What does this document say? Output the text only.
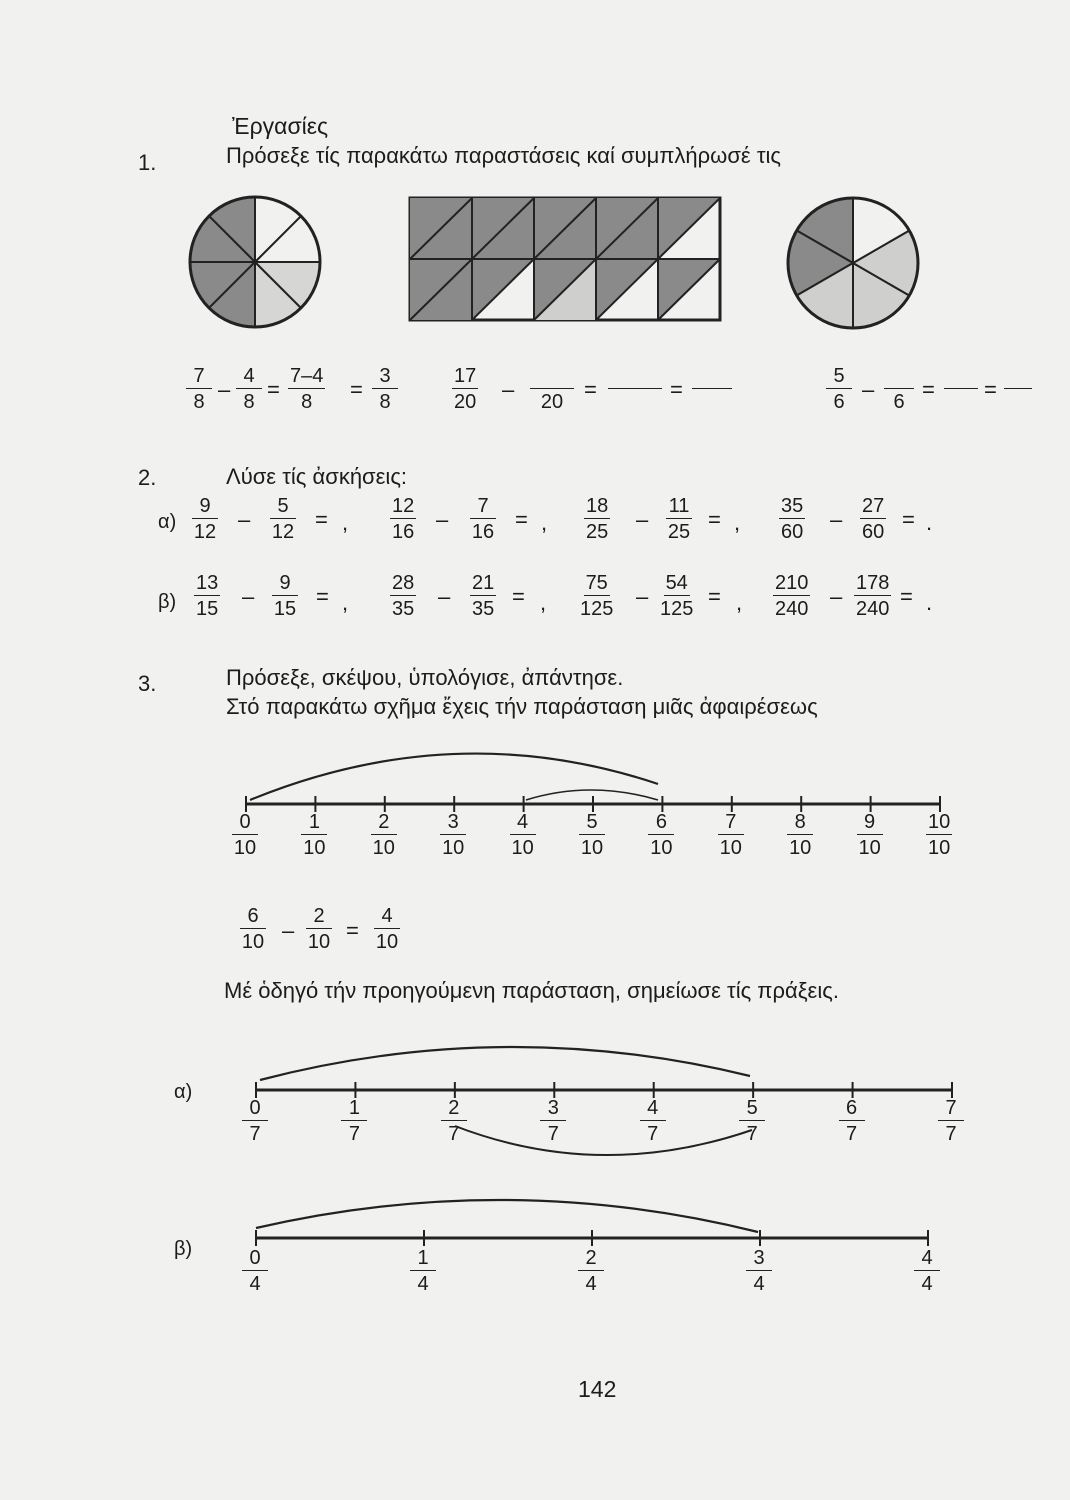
Ἐργασίες
1.	Πρόσεξε τίς παρακάτω παραστάσεις καί συμπλήρωσέ τις
$\frac{7}{8} - \frac{4}{8} = \frac{7-4}{8} = \frac{3}{8}$	$\frac{17}{20}$ –
20 =

	=

	$\frac{5}{6}$ –
6 =

=

2.	Λύσε τίς ἀσκήσεις:
$\alpha) \frac{9}{12} - \frac{5}{12}$ = , $\frac{12}{16} - \frac{7}{16}$ = , $\frac{18}{25} - \frac{11}{25}$ = , $\frac{35}{60} - \frac{27}{60}$ = .
$\beta) \frac{13}{15} - \frac{9}{15}$ = , $\frac{28}{35} - \frac{21}{35}$ = , $\frac{75}{125} - \frac{54}{125}$ = , $\frac{210}{240} - \frac{178}{240}$ = .
3.	Πρόσεξε, σκέψου, ὑπολόγισε, ἀπάντησε.
Στό παρακάτω σχῆμα ἔχεις τήν παράσταση μιᾶς ἀφαιρέσεως
$\frac{0}{10} \frac{1}{10} \frac{2}{10} \frac{3}{10} \frac{4}{10} \frac{5}{10} \frac{6}{10} \frac{7}{10} \frac{8}{10} \frac{9}{10} \frac{10}{10}$
$\frac{0}{7}$	$\frac{1}{7}$	$\frac{2}{7}$	$\frac{3}{7}$	$\frac{4}{7}$	$\frac{5}{7}$	$\frac{6}{7}$	$\frac{7}{7}$
$\frac{0}{4}$	$\frac{1}{4}$	$\frac{2}{4}$	$\frac{3}{4}$	$\frac{4}{4}$
$\frac{6}{10} - \frac{2}{10} = \frac{4}{10}$
Μέ ὁδηγό τήν προηγούμενη παράσταση, σημείωσε τίς πράξεις.
α)
β)
142
